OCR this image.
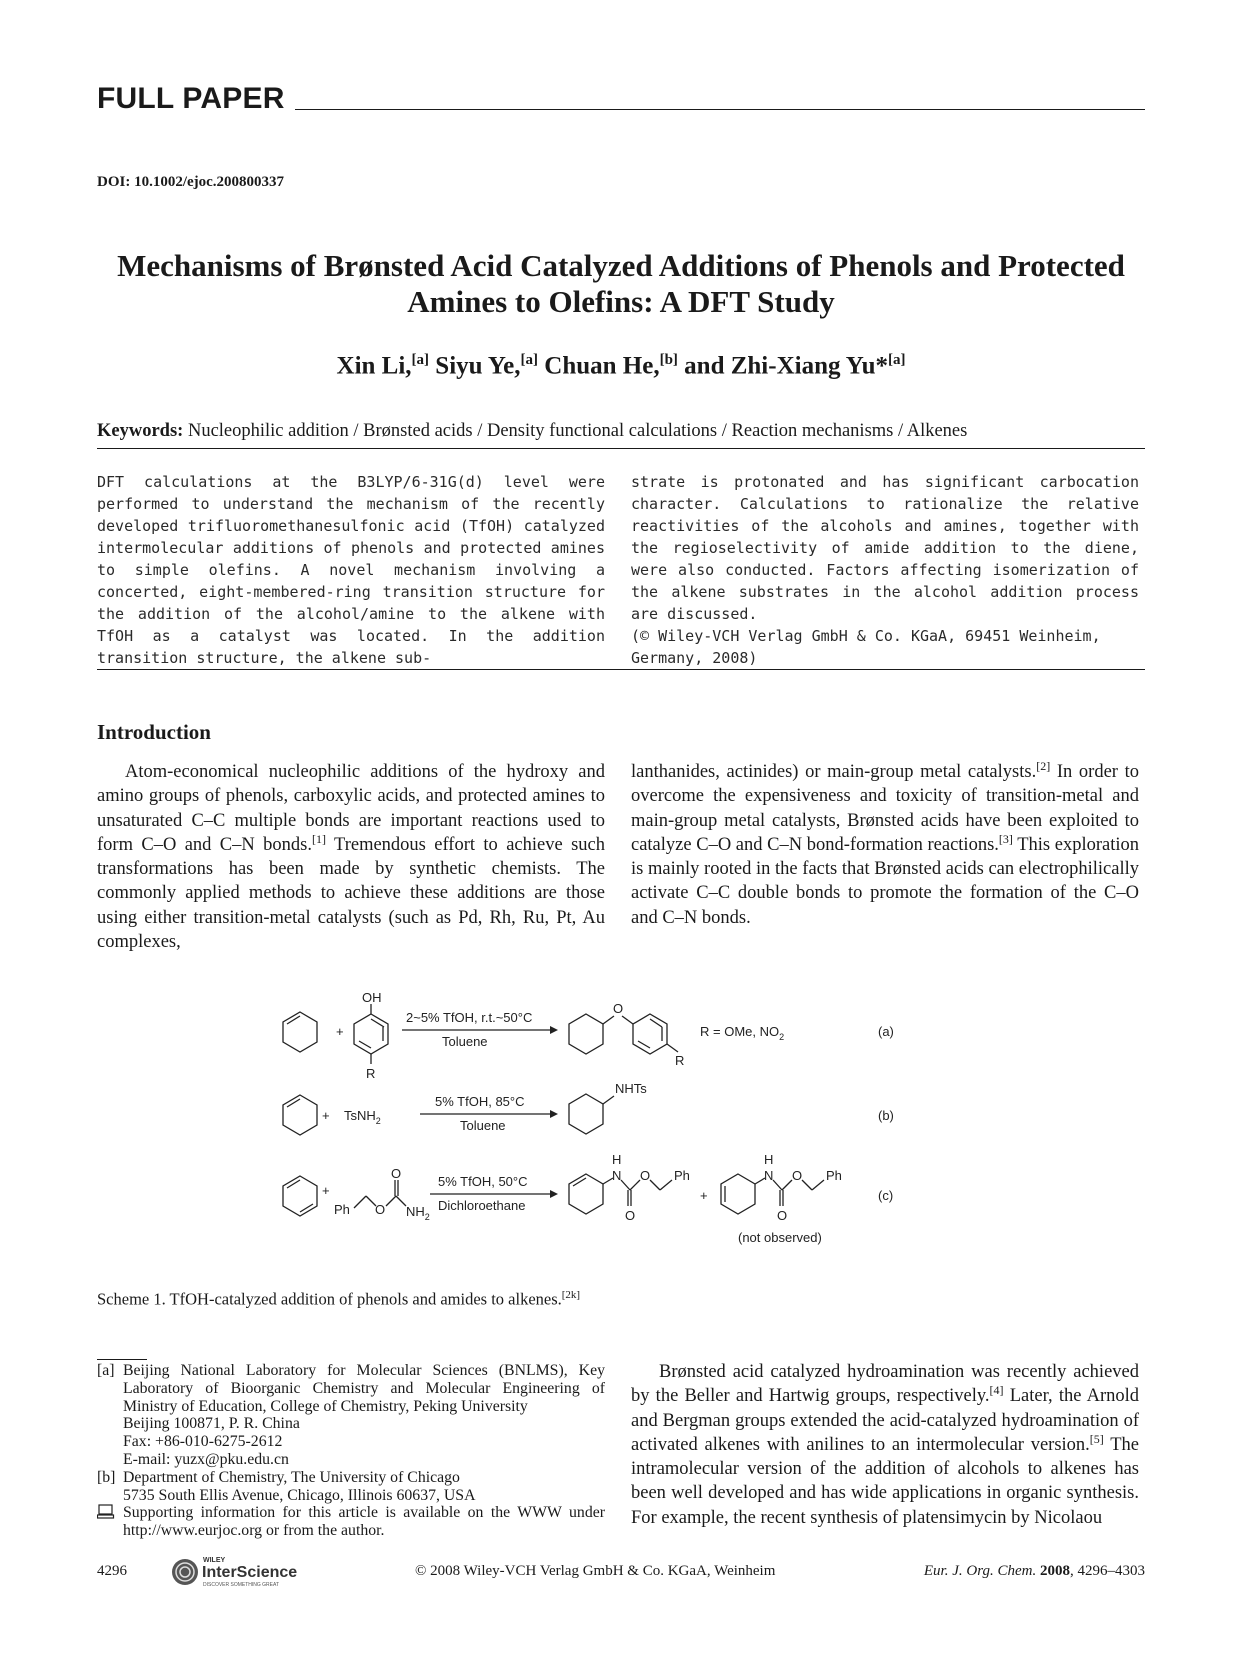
FULL PAPER
DOI: 10.1002/ejoc.200800337
Mechanisms of Brønsted Acid Catalyzed Additions of Phenols and Protected Amines to Olefins: A DFT Study
Xin Li,[a] Siyu Ye,[a] Chuan He,[b] and Zhi-Xiang Yu*[a]
Keywords: Nucleophilic addition / Brønsted acids / Density functional calculations / Reaction mechanisms / Alkenes
DFT calculations at the B3LYP/6-31G(d) level were performed to understand the mechanism of the recently developed trifluoromethanesulfonic acid (TfOH) catalyzed intermolecular additions of phenols and protected amines to simple olefins. A novel mechanism involving a concerted, eight-membered-ring transition structure for the addition of the alcohol/amine to the alkene with TfOH as a catalyst was located. In the addition transition structure, the alkene sub-
strate is protonated and has significant carbocation character. Calculations to rationalize the relative reactivities of the alcohols and amines, together with the regioselectivity of amide addition to the diene, were also conducted. Factors affecting isomerization of the alkene substrates in the alcohol addition process are discussed.
(© Wiley-VCH Verlag GmbH & Co. KGaA, 69451 Weinheim, Germany, 2008)
Introduction
Atom-economical nucleophilic additions of the hydroxy and amino groups of phenols, carboxylic acids, and protected amines to unsaturated C–C multiple bonds are important reactions used to form C–O and C–N bonds.[1] Tremendous effort to achieve such transformations has been made by synthetic chemists. The commonly applied methods to achieve these additions are those using either transition-metal catalysts (such as Pd, Rh, Ru, Pt, Au complexes,
lanthanides, actinides) or main-group metal catalysts.[2] In order to overcome the expensiveness and toxicity of transition-metal and main-group metal catalysts, Brønsted acids have been exploited to catalyze C–O and C–N bond-formation reactions.[3] This exploration is mainly rooted in the facts that Brønsted acids can electrophilically activate C–C double bonds to promote the formation of the C–O and C–N bonds.
+
OH
R
2~5% TfOH, r.t.~50°C
Toluene
O
R
R = OMe, $NO_2$	(a)
+ TsNH$_2$
5% TfOH, 85°C
Toluene
NHTs
(b)
+
Ph O
O
$NH_2$
5% TfOH, 50°C
Dichloroethane
H
N O
O
Ph
+
H
N O
O
Ph
(not observed)
(c)
Scheme 1. TfOH-catalyzed addition of phenols and amides to alkenes.[2k]
[a] Beijing National Laboratory for Molecular Sciences (BNLMS), Key Laboratory of Bioorganic Chemistry and Molecular Engineering of Ministry of Education, College of Chemistry, Peking University
Beijing 100871, P. R. China
Fax: +86-010-6275-2612
E-mail: yuzx@pku.edu.cn
[b] Department of Chemistry, The University of Chicago
5735 South Ellis Avenue, Chicago, Illinois 60637, USA
Supporting information for this article is available on the WWW under http://www.eurjoc.org or from the author.
Brønsted acid catalyzed hydroamination was recently achieved by the Beller and Hartwig groups, respectively.[4] Later, the Arnold and Bergman groups extended the acid-catalyzed hydroamination of activated alkenes with anilines to an intermolecular version.[5] The intramolecular version of the addition of alcohols to alkenes has been well developed and has wide applications in organic synthesis. For example, the recent synthesis of platensimycin by Nicolaou
4296
WILEY
InterScience
DISCOVER SOMETHING GREAT
© 2008 Wiley-VCH Verlag GmbH & Co. KGaA, Weinheim	Eur. J. Org. Chem. 2008, 4296–4303
